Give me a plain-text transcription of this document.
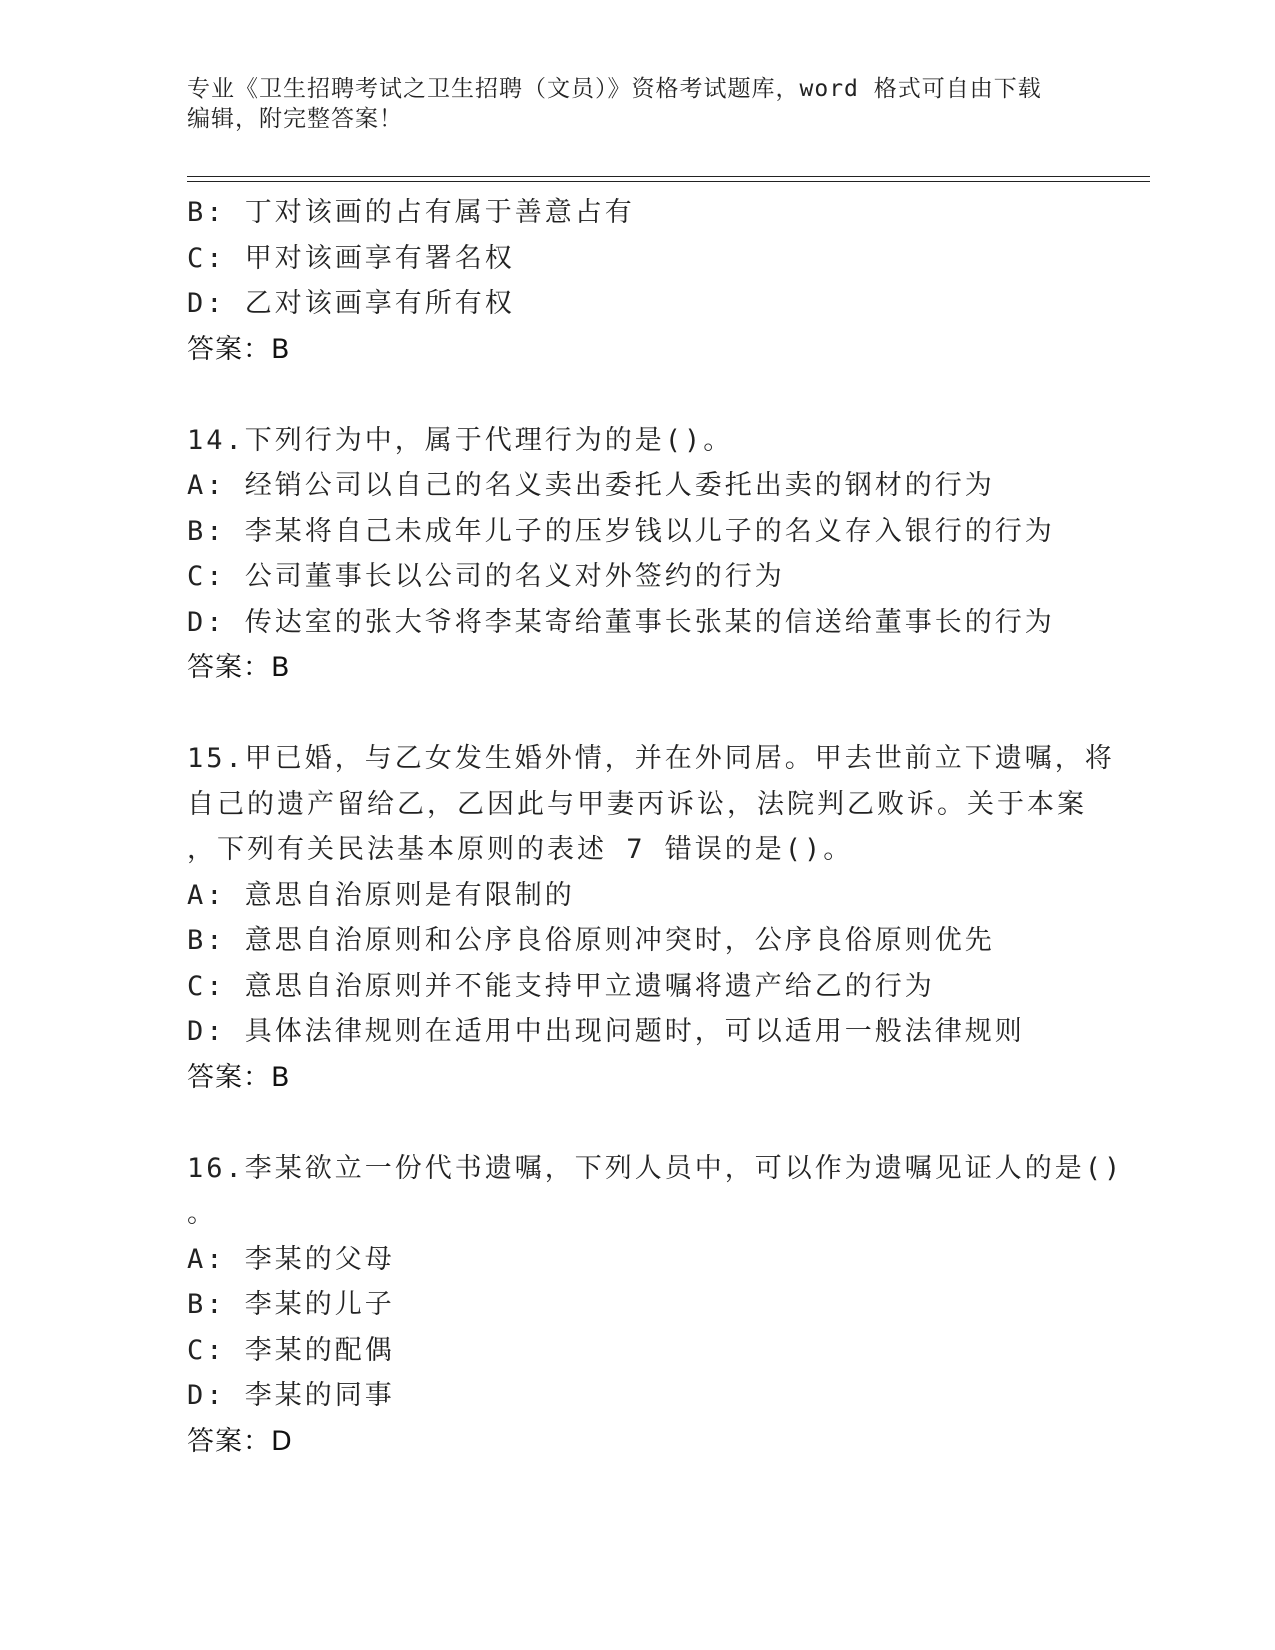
专业《卫生招聘考试之卫生招聘（文员）》资格考试题库，word 格式可自由下载
编辑，附完整答案！
B: 丁对该画的占有属于善意占有
C: 甲对该画享有署名权
D: 乙对该画享有所有权
答案：B
14.下列行为中，属于代理行为的是()。
A: 经销公司以自己的名义卖出委托人委托出卖的钢材的行为
B: 李某将自己未成年儿子的压岁钱以儿子的名义存入银行的行为
C: 公司董事长以公司的名义对外签约的行为
D: 传达室的张大爷将李某寄给董事长张某的信送给董事长的行为
答案：B
15.甲已婚，与乙女发生婚外情，并在外同居。甲去世前立下遗嘱，将
自己的遗产留给乙，乙因此与甲妻丙诉讼，法院判乙败诉。关于本案
，下列有关民法基本原则的表述 7 错误的是()。
A: 意思自治原则是有限制的
B: 意思自治原则和公序良俗原则冲突时，公序良俗原则优先
C: 意思自治原则并不能支持甲立遗嘱将遗产给乙的行为
D: 具体法律规则在适用中出现问题时，可以适用一般法律规则
答案：B
16.李某欲立一份代书遗嘱，下列人员中，可以作为遗嘱见证人的是()
。
A: 李某的父母
B: 李某的儿子
C: 李某的配偶
D: 李某的同事
答案：D
